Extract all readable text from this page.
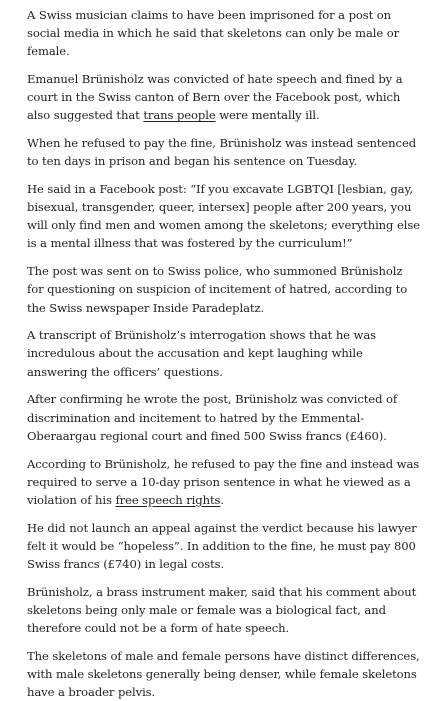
A Swiss musician claims to have been imprisoned for a post on social media in which he said that skeletons can only be male or female.

Emanuel Brünisholz was convicted of hate speech and fined by a court in the Swiss canton of Bern over the Facebook post, which also suggested that trans people were mentally ill.

When he refused to pay the fine, Brünisholz was instead sentenced to ten days in prison and began his sentence on Tuesday.

He said in a Facebook post: “If you excavate LGBTQI [lesbian, gay, bisexual, transgender, queer, intersex] people after 200 years, you will only find men and women among the skeletons; everything else is a mental illness that was fostered by the curriculum!”

The post was sent on to Swiss police, who summoned Brünisholz for questioning on suspicion of incitement of hatred, according to the Swiss newspaper Inside Paradeplatz.

A transcript of Brünisholz’s interrogation shows that he was incredulous about the accusation and kept laughing while answering the officers’ questions.

After confirming he wrote the post, Brünisholz was convicted of discrimination and incitement to hatred by the Emmental-Oberaargau regional court and fined 500 Swiss francs (£460).

According to Brünisholz, he refused to pay the fine and instead was required to serve a 10-day prison sentence in what he viewed as a violation of his free speech rights.

He did not launch an appeal against the verdict because his lawyer felt it would be “hopeless”. In addition to the fine, he must pay 800 Swiss francs (£740) in legal costs.

Brünisholz, a brass instrument maker, said that his comment about skeletons being only male or female was a biological fact, and therefore could not be a form of hate speech.

The skeletons of male and female persons have distinct differences, with male skeletons generally being denser, while female skeletons have a broader pelvis.
